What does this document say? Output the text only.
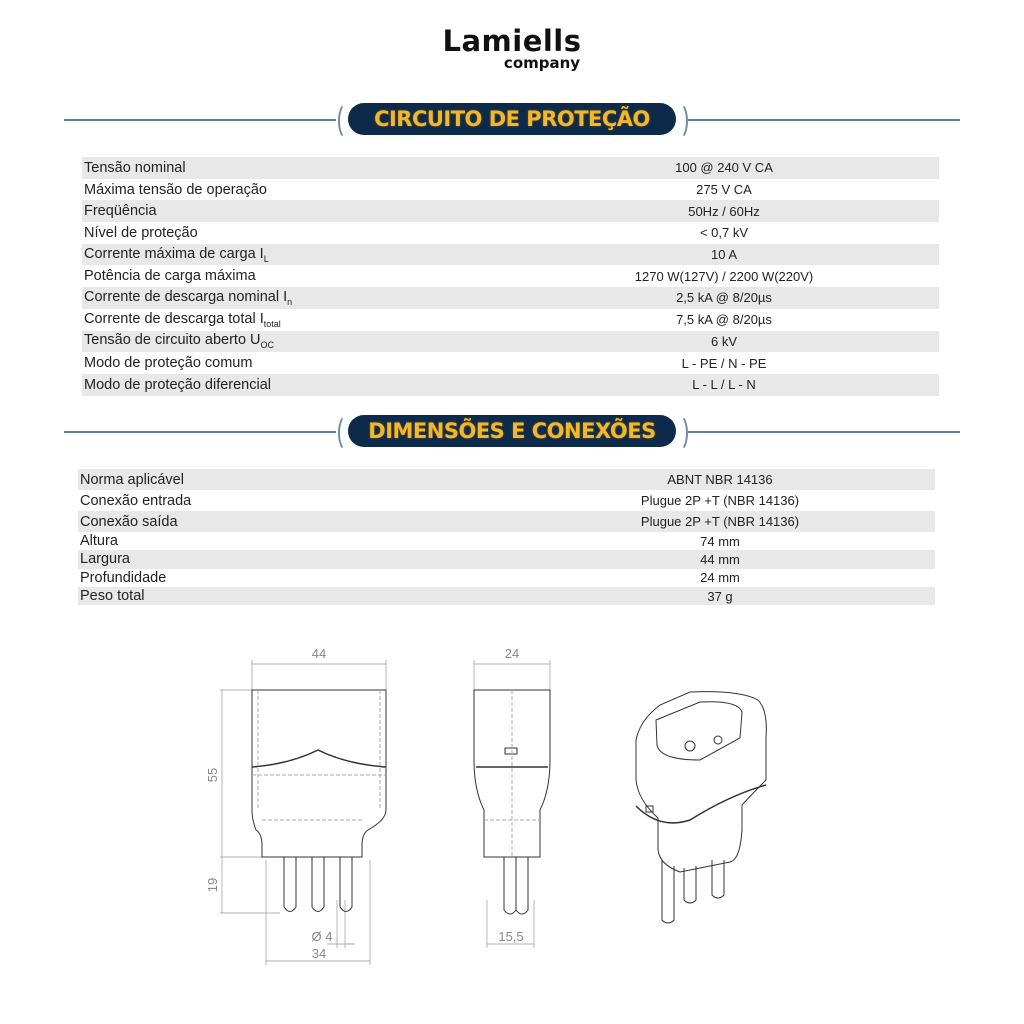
Lamiells
company
CIRCUITO DE PROTEÇÃO
Tensão nominal	100 @ 240 V CA
Máxima tensão de operação	275 V CA
Freqüência	50Hz / 60Hz
Nível de proteção	< 0,7 kV
Corrente máxima de carga $I_L$	10 A
Potência de carga máxima	1270 W(127V) / 2200 W(220V)
Corrente de descarga nominal $I_n$	2,5 kA @ 8/20µs
Corrente de descarga total $I_{total}$	7,5 kA @ 8/20µs
Tensão de circuito aberto $U_{OC}$	6 kV
Modo de proteção comum	L - PE / N - PE
Modo de proteção diferencial	L - L / L - N
DIMENSÕES E CONEXÕES
Norma aplicável	ABNT NBR 14136
Conexão entrada	Plugue 2P +T (NBR 14136)
Conexão saída	Plugue 2P +T (NBR 14136)
Altura	74 mm
Largura	44 mm
Profundidade	24 mm
Peso total	37 g
44
55
19
Ø 4
34
24
15,5
